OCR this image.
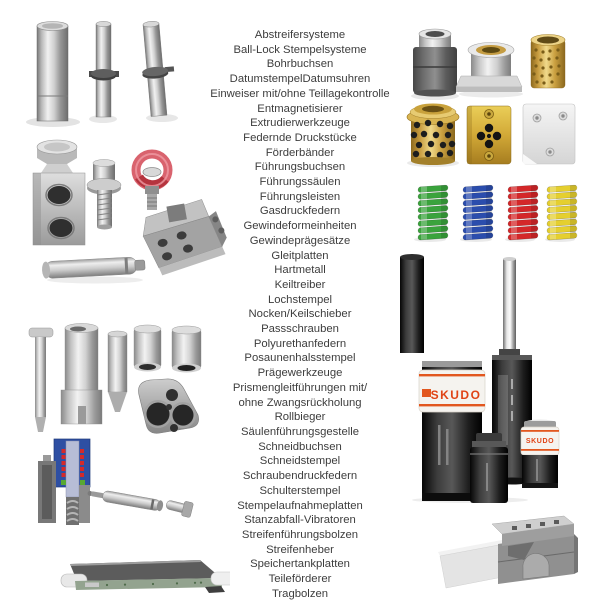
Abstreifersysteme
Ball-Lock Stempelsysteme
Bohrbuchsen
DatumstempelDatumsuhren
Einweiser mit/ohne Teillagekontrolle
Entmagnetisierer
Extrudierwerkzeuge
Federnde Druckstücke
Förderbänder
Führungsbuchsen
Führungssäulen
Führungsleisten
Gasdruckfedern
Gewindeformeinheiten
Gewindeprägesätze
Gleitplatten
Hartmetall
Keiltreiber
Lochstempel
Nocken/Keilschieber
Passschrauben
Polyurethanfedern
Posaunenhalsstempel
Prägewerkzeuge
Prismengleitführungen mit/
ohne Zwangsrückholung
Rollbieger
Säulenführungsgestelle
Schneidbuchsen
Schneidstempel
Schraubendruckfedern
Schulterstempel
Stempelaufnahmeplatten
Stanzabfall-Vibratoren
Streifenführungsbolzen
Streifenheber
Speichertankplatten
Teileförderer
Tragbolzen
SKUDO
SKUDO
